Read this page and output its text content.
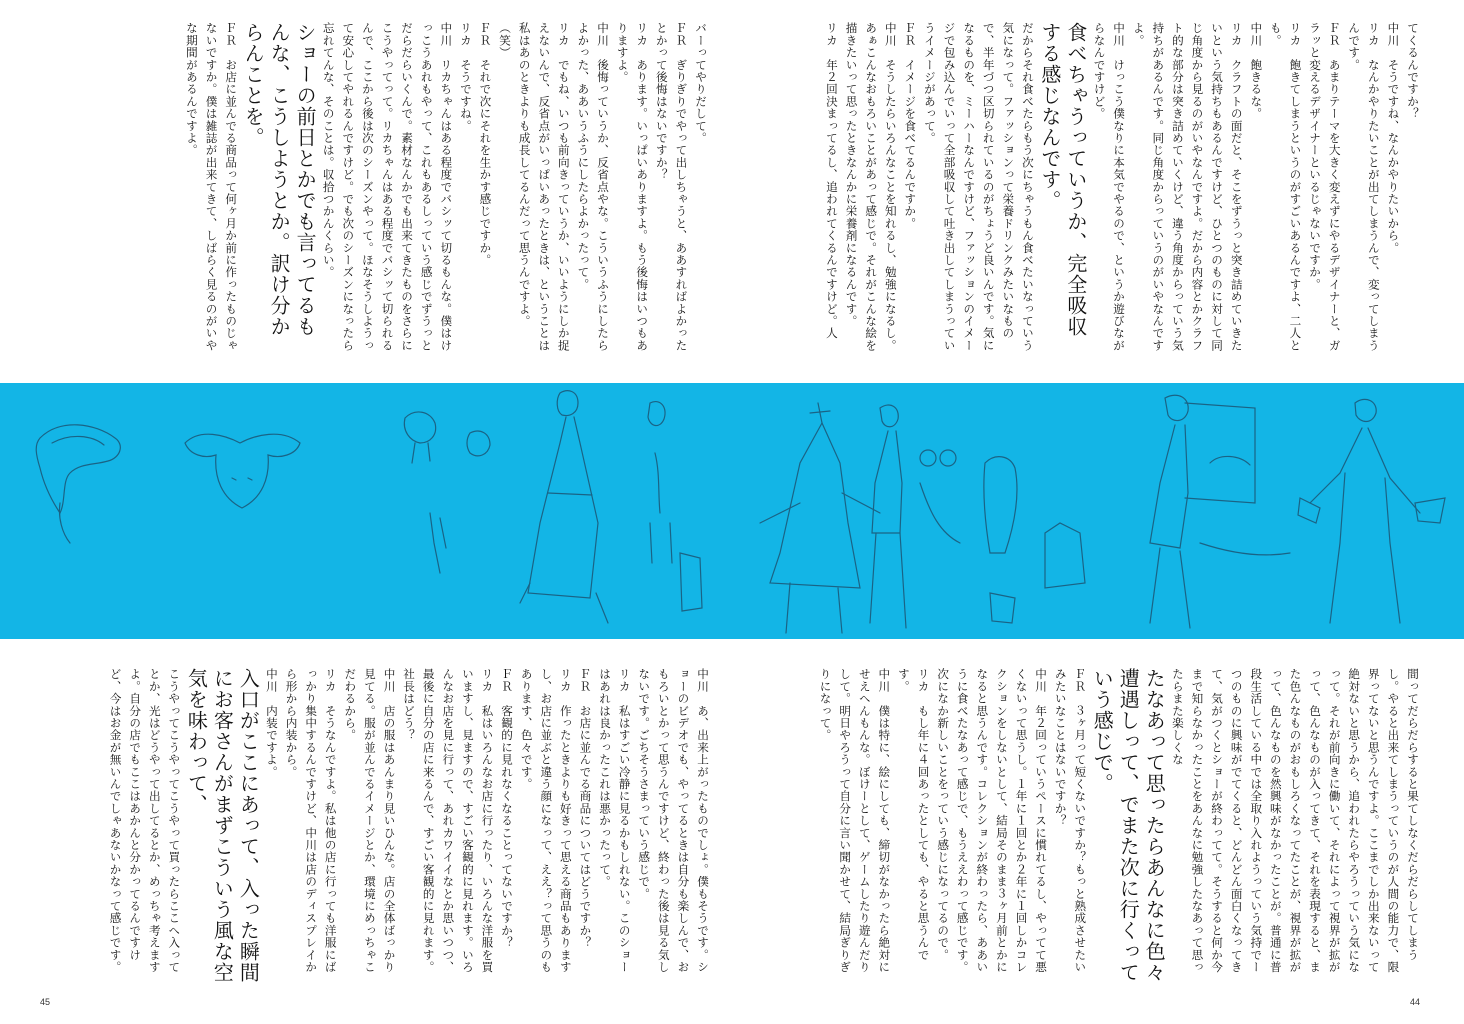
てくるんですか？

中川　そうですね、なんかやりたいから。

リカ　なんかやりたいことが出てしまうんで、変ってしまうんです。

ＦＲ　あまりテーマを大きく変えずにやるデザイナーと、ガラッと変えるデザイナーといるじゃないですか。

リカ　飽きてしまうというのがすごいあるんですよ、二人とも。

中川　飽きるな。

リカ　クラフトの面だと、そこをずうっと突き詰めていきたいという気持ちもあるんですけど、ひとつのものに対して同じ角度から見るのがいやなんですよ。だから内容とかクラフト的な部分は突き詰めていくけど、違う角度からっていう気持ちがあるんです。同じ角度からっていうのがいやなんですよ。

中川　けっこう僕なりに本気でやるので、というか遊びながらなんですけど。

食べちゃうっていうか、完全吸収する感じなんです。

だからそれ食べたらもう次にちゃうもん食べたいなっていう気になって。ファッションって栄養ドリンクみたいなもので、半年づつ区切られているのがちょうど良いんです。気になるものを、ミーハーなんですけど、ファッションのイメージで包み込んでいって全部吸収して吐き出してしまうっていうイメージがあって。

ＦＲ　イメージを食べてるんですか。

中川　そうしたらいろんなことを知れるし、勉強になるし。

あぁこんなおもろいことがあって感じで。それがこんな絵を描きたいって思ったときなんかに栄養剤になるんです。

リカ　年２回決まってるし、追われてくるんですけど。人

バーってやりだして。

ＦＲ　ぎりぎりでやって出しちゃうと、ああすればよかったとかって後悔はないですか？

リカ　あります。いっぱいありますよ。もう後悔はいつもありますよ。

中川　後悔っていうか、反省点やな。こういうふうにしたらよかった、ああいうふうにしたらよかったって。

リカ　でもね、いつも前向きっていうか、いいようにしか捉えないんで、反省点がいっぱいあったときは、ということは私はあのときよりも成長してるんだって思うんですよ。

（笑）

ＦＲ　それで次にそれを生かす感じですか。

リカ　そうですね。

中川　リカちゃんはある程度でバシッて切るもんな。僕はけっこうあれもやって、これもあるしっていう感じでずうっとだらだらいくんで。素材なんかでも出来てきたものをさらにこうやってって。リカちゃんはある程度でバシッて切られるんで、ここから後は次のシーズンやって。ほなそうしようって安心してやれるんですけど。でも次のシーズンになったら忘れてんな、そのことは。収拾つかんくらい。

ショーの前日とかでも言ってるもんな、こうしようとか。訳け分からんことを。

ＦＲ　お店に並んでる商品って何ヶ月か前に作ったものじゃないですか。僕は雑誌が出来てきて、しばらく見るのがいやな期間があるんですよ。

間ってだらだらすると果てしなくだらだらしてしまうし。やると出来てしまうっていうのが人間の能力で、限界ってないと思うんですよ。ここまでしか出来ないって絶対ないと思うから、追われたらやろうっていう気になって。それが前向きに働いて、それによって視界が拡がって、色んなものが入ってきて、それを表現すると、また色んなものがおもしろくなってたことが、視界が拡がって、色んなものを然興味がなかったことが。普通に普段生活している中では全取り入れようっていう気持でーつのものに興味がでてくると、どんどん面白くなってきて、気がつくとショーが終わってて。そうすると何か今まで知らなかったことをあんなに勉強したなあって思ったらまた楽しくな

たなあって思ったらあんなに色々遭遇しって、でまた次に行くっていう感じで。

ＦＲ　３ヶ月って短くないですか？もっと熟成させたいみたいなことはないですか？

中川　年２回っていうペースに慣れてるし、やってて悪くないって思うし。１年に１回とか２年に１回しかコレクションをしないとして、結局そのまま３ヶ月前とかになると思うんです。コレクションが終わったら、ああいうに食べたなあって感じで、もうええわって感じです。次になか新しいことをっていう感じになってるので。

リカ　もし年に４回あったとしても、やると思うんです。

中川　僕は特に、絵にしても、締切がなかったら絶対にせえへんもんな。ぼけーとして、ゲームしたり遊んだりして。明日やろうって自分に言い聞かせて、結局ぎりぎりになって。

中川　あ、出来上がったものでしょ。僕もそうです。ショーのビデオでも、やってるときは自分も楽しんで、おもろいとかって思うんですけど、終わった後は見る気しないです。ごちそうさまっていう感じで。

リカ　私はすごい冷静に見るかもしれない。このショーはあれは良かったこれは悪かったって。

ＦＲ　お店に並んでる商品についてはどうですか？

リカ　作ったときよりも好きって思える商品もありますし、お店に並ぶと違う顔になって、ええ？って思うのもあります、色々です。

ＦＲ　客観的に見れなくなることってないですか？

リカ　私はいろんなお店に行ったり、いろんな洋服を買いますし、見ますので、すごい客観的に見れます。いろんなお店を見に行って、あれカワイイなとか思いつつ、最後に自分の店に来るんで、すごい客観的に見れます。社長はどう？

中川　店の服はあんまり見いひんな。店の全体ばっかり見てる。服が並んでるイメージとか、環境にめっちゃこだわるから。

リカ　そうなんですよ。私は他の店に行っても洋服にばっかり集中するんですけど、中川は店のディスプレイから形から内装から。

中川　内装ですよ。

入口がここにあって、入った瞬間にお客さんがまずこういう風な空気を味わって、

こうやってこうやってこうやって買ったらここへ入ってとか、光はどうやって出してるとか、めっちゃ考えますよ。自分の店でもここはあかんと分かってるんですけど、今はお金が無いんでしゃあないかなって感じです。

45	44
